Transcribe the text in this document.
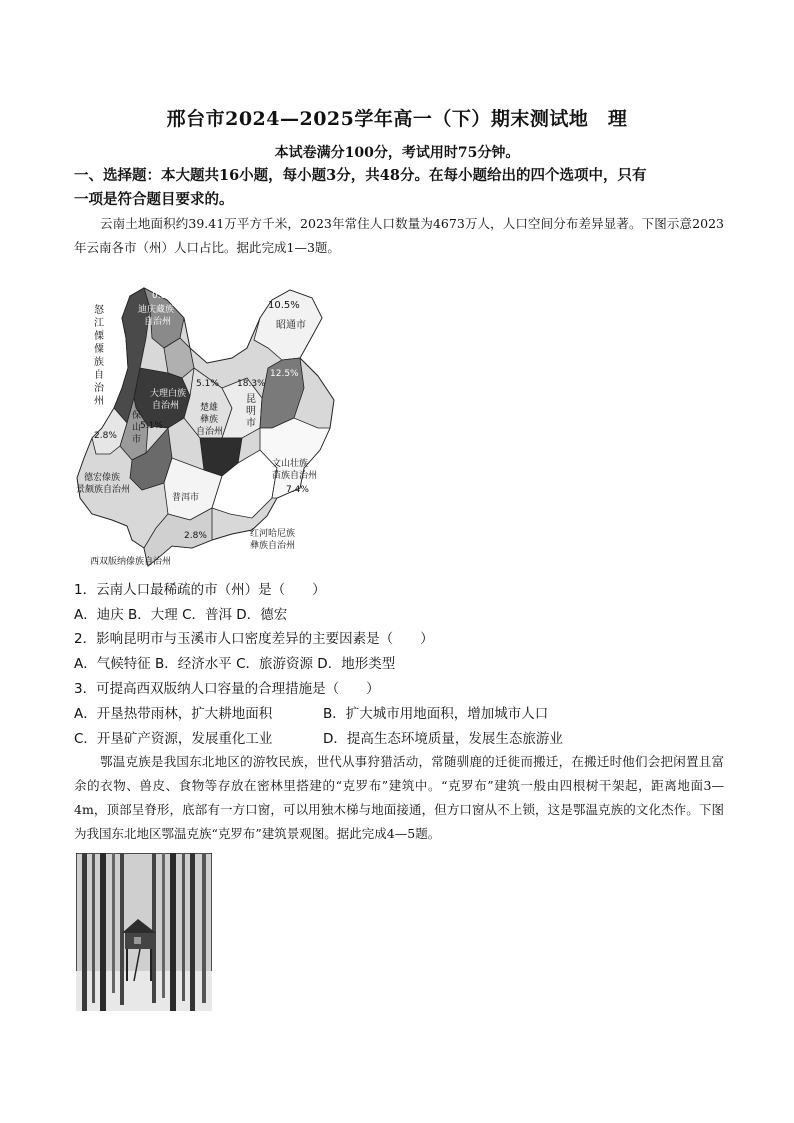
邢台市2024—2025学年高一（下）期末测试地　理
本试卷满分100分，考试用时75分钟。
一、选择题：本大题共16小题，每小题3分，共48分。在每小题给出的四个选项中，只有
一项是符合题目要求的。
云南土地面积约39.41万平方千米，2023年常住人口数量为4673万人，人口空间分布差异显著。下图示意2023年云南各市（州）人口占比。据此完成1—3题。
怒
江
傈
僳
族
自
治
州
0.8%
迪庆藏族
自治州
10.5%
昭通市
5.1% 18.3%
12.5%
大理白族
自治州
昆
明
市
楚雄
彝族
自治州
保
山
市
5.1%
2.8%
德宏傣族
景颇族自治州
文山壮族
苗族自治州
7.4%
普洱市
红河哈尼族
彝族自治州
2.8%
西双版纳傣族自治州
1．云南人口最稀疏的市（州）是（　　）
A．迪庆 B．大理 C．普洱 D．德宏
2．影响昆明市与玉溪市人口密度差异的主要因素是（　　）
A．气候特征 B．经济水平 C．旅游资源 D．地形类型
3．可提高西双版纳人口容量的合理措施是（　　）
A．开垦热带雨林，扩大耕地面积	B．扩大城市用地面积，增加城市人口
C．开垦矿产资源，发展重化工业	D．提高生态环境质量，发展生态旅游业
鄂温克族是我国东北地区的游牧民族，世代从事狩猎活动，常随驯鹿的迁徙而搬迁，在搬迁时他们会把闲置且富余的衣物、兽皮、食物等存放在密林里搭建的“克罗布”建筑中。“克罗布”建筑一般由四根树干架起，距离地面3—4m，顶部呈脊形，底部有一方口窗，可以用独木梯与地面接通，但方口窗从不上锁，这是鄂温克族的文化杰作。下图为我国东北地区鄂温克族“克罗布”建筑景观图。据此完成4—5题。
